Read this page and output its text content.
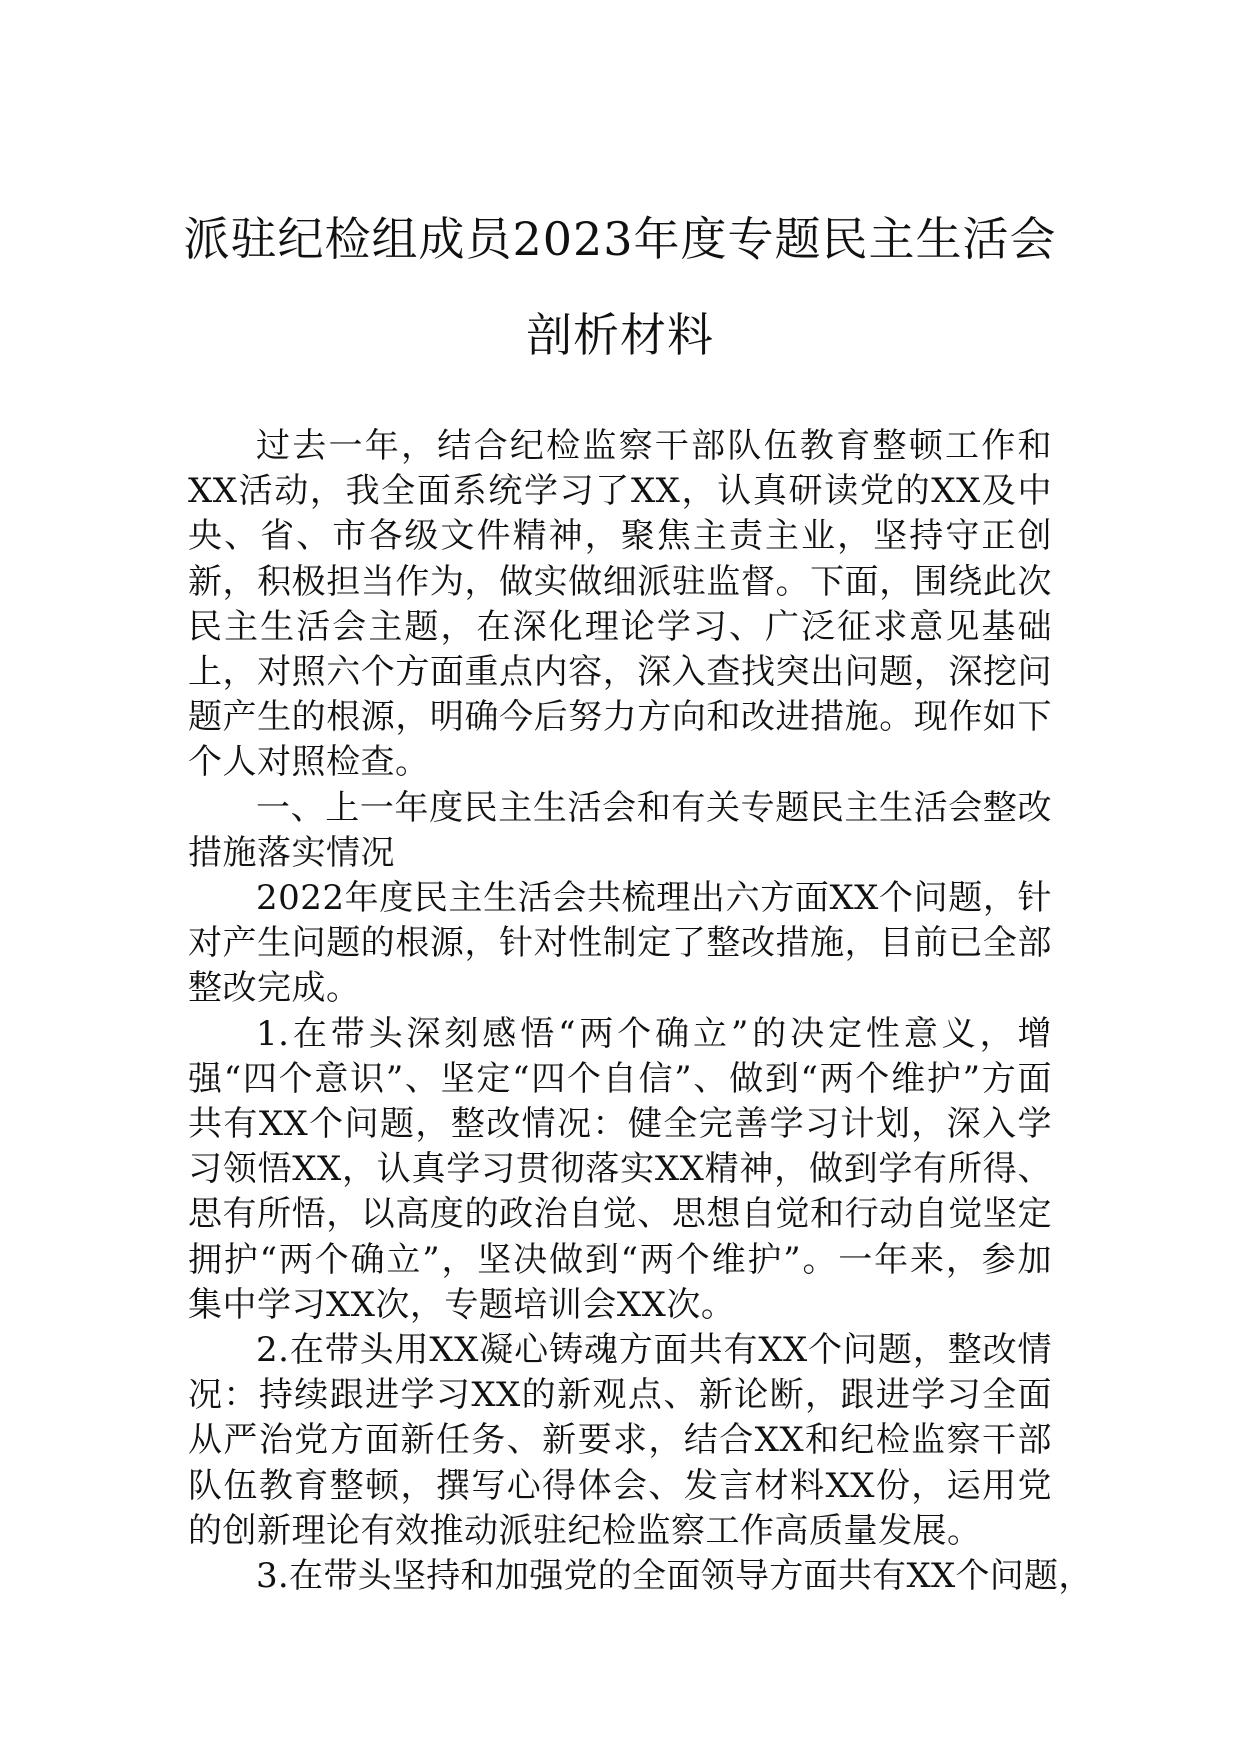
派驻纪检组成员2023年度专题民主生活会
剖析材料

过去一年，结合纪检监察干部队伍教育整顿工作和XX活动，我全面系统学习了XX，认真研读党的XX及中央、省、市各级文件精神，聚焦主责主业，坚持守正创新，积极担当作为，做实做细派驻监督。下面，围绕此次民主生活会主题，在深化理论学习、广泛征求意见基础上，对照六个方面重点内容，深入查找突出问题，深挖问题产生的根源，明确今后努力方向和改进措施。现作如下个人对照检查。

一、上一年度民主生活会和有关专题民主生活会整改措施落实情况

2022年度民主生活会共梳理出六方面XX个问题，针对产生问题的根源，针对性制定了整改措施，目前已全部整改完成。

1.在带头深刻感悟“两个确立”的决定性意义，增强“四个意识”、坚定“四个自信”、做到“两个维护”方面共有XX个问题，整改情况：健全完善学习计划，深入学习领悟XX，认真学习贯彻落实XX精神，做到学有所得、思有所悟，以高度的政治自觉、思想自觉和行动自觉坚定拥护“两个确立”，坚决做到“两个维护”。一年来，参加集中学习XX次，专题培训会XX次。

2.在带头用XX凝心铸魂方面共有XX个问题，整改情况：持续跟进学习XX的新观点、新论断，跟进学习全面从严治党方面新任务、新要求，结合XX和纪检监察干部队伍教育整顿，撰写心得体会、发言材料XX份，运用党的创新理论有效推动派驻纪检监察工作高质量发展。

3.在带头坚持和加强党的全面领导方面共有XX个问题，
